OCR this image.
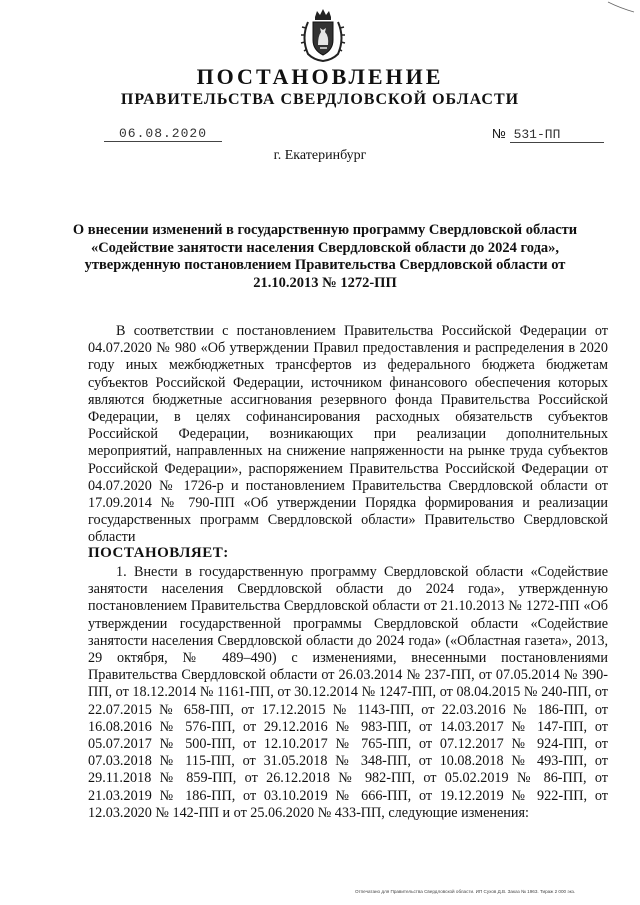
ПОСТАНОВЛЕНИЕ
ПРАВИТЕЛЬСТВА СВЕРДЛОВСКОЙ ОБЛАСТИ
06.08.2020	№ 531-ПП
г. Екатеринбург
О внесении изменений в государственную программу Свердловской области «Содействие занятости населения Свердловской области до 2024 года», утвержденную постановлением Правительства Свердловской области от 21.10.2013 № 1272-ПП

В соответствии с постановлением Правительства Российской Федерации от 04.07.2020 № 980 «Об утверждении Правил предоставления и распределения в 2020 году иных межбюджетных трансфертов из федерального бюджета бюджетам субъектов Российской Федерации, источником финансового обеспечения которых являются бюджетные ассигнования резервного фонда Правительства Российской Федерации, в целях софинансирования расходных обязательств субъектов Российской Федерации, возникающих при реализации дополнительных мероприятий, направленных на снижение напряженности на рынке труда субъектов Российской Федерации», распоряжением Правительства Российской Федерации от 04.07.2020 № 1726-р и постановлением Правительства Свердловской области от 17.09.2014 № 790-ПП «Об утверждении Порядка формирования и реализации государственных программ Свердловской области» Правительство Свердловской области

ПОСТАНОВЛЯЕТ:

1. Внести в государственную программу Свердловской области «Содействие занятости населения Свердловской области до 2024 года», утвержденную постановлением Правительства Свердловской области от 21.10.2013 № 1272-ПП «Об утверждении государственной программы Свердловской области «Содействие занятости населения Свердловской области до 2024 года» («Областная газета», 2013, 29 октября, № 489–490) с изменениями, внесенными постановлениями Правительства Свердловской области от 26.03.2014 № 237-ПП, от 07.05.2014 № 390-ПП, от 18.12.2014 № 1161-ПП, от 30.12.2014 № 1247-ПП, от 08.04.2015 № 240-ПП, от 22.07.2015 № 658-ПП, от 17.12.2015 № 1143-ПП, от 22.03.2016 № 186-ПП, от 16.08.2016 № 576-ПП, от 29.12.2016 № 983-ПП, от 14.03.2017 № 147-ПП, от 05.07.2017 № 500-ПП, от 12.10.2017 № 765-ПП, от 07.12.2017 № 924-ПП, от 07.03.2018 № 115-ПП, от 31.05.2018 № 348-ПП, от 10.08.2018 № 493-ПП, от 29.11.2018 № 859-ПП, от 26.12.2018 № 982-ПП, от 05.02.2019 № 86-ПП, от 21.03.2019 № 186-ПП, от 03.10.2019 № 666-ПП, от 19.12.2019 № 922-ПП, от 12.03.2020 № 142-ПП и от 25.06.2020 № 433-ПП, следующие изменения:

Отпечатано для Правительства Свердловской области. ИП Сухов Д.В. Заказ № 1963. Тираж 2 000 экз.
